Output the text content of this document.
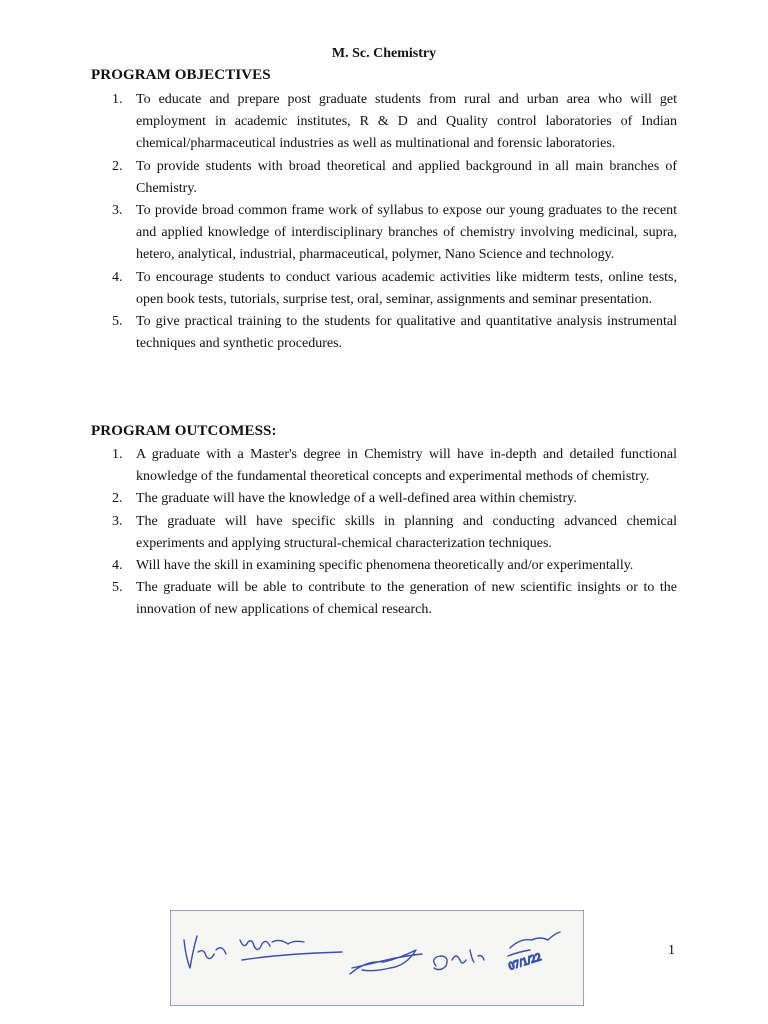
M. Sc. Chemistry
PROGRAM OBJECTIVES
1. To educate and prepare post graduate students from rural and urban area who will get employment in academic institutes, R & D and Quality control laboratories of Indian chemical/pharmaceutical industries as well as multinational and forensic laboratories.
2. To provide students with broad theoretical and applied background in all main branches of Chemistry.
3. To provide broad common frame work of syllabus to expose our young graduates to the recent and applied knowledge of interdisciplinary branches of chemistry involving medicinal, supra, hetero, analytical, industrial, pharmaceutical, polymer, Nano Science and technology.
4. To encourage students to conduct various academic activities like midterm tests, online tests, open book tests, tutorials, surprise test, oral, seminar, assignments and seminar presentation.
5. To give practical training to the students for qualitative and quantitative analysis instrumental techniques and synthetic procedures.
PROGRAM OUTCOMESS:
1. A graduate with a Master's degree in Chemistry will have in-depth and detailed functional knowledge of the fundamental theoretical concepts and experimental methods of chemistry.
2. The graduate will have the knowledge of a well-defined area within chemistry.
3. The graduate will have specific skills in planning and conducting advanced chemical experiments and applying structural-chemical characterization techniques.
4. Will have the skill in examining specific phenomena theoretically and/or experimentally.
5. The graduate will be able to contribute to the generation of new scientific insights or to the innovation of new applications of chemical research.
07/1/22
1
